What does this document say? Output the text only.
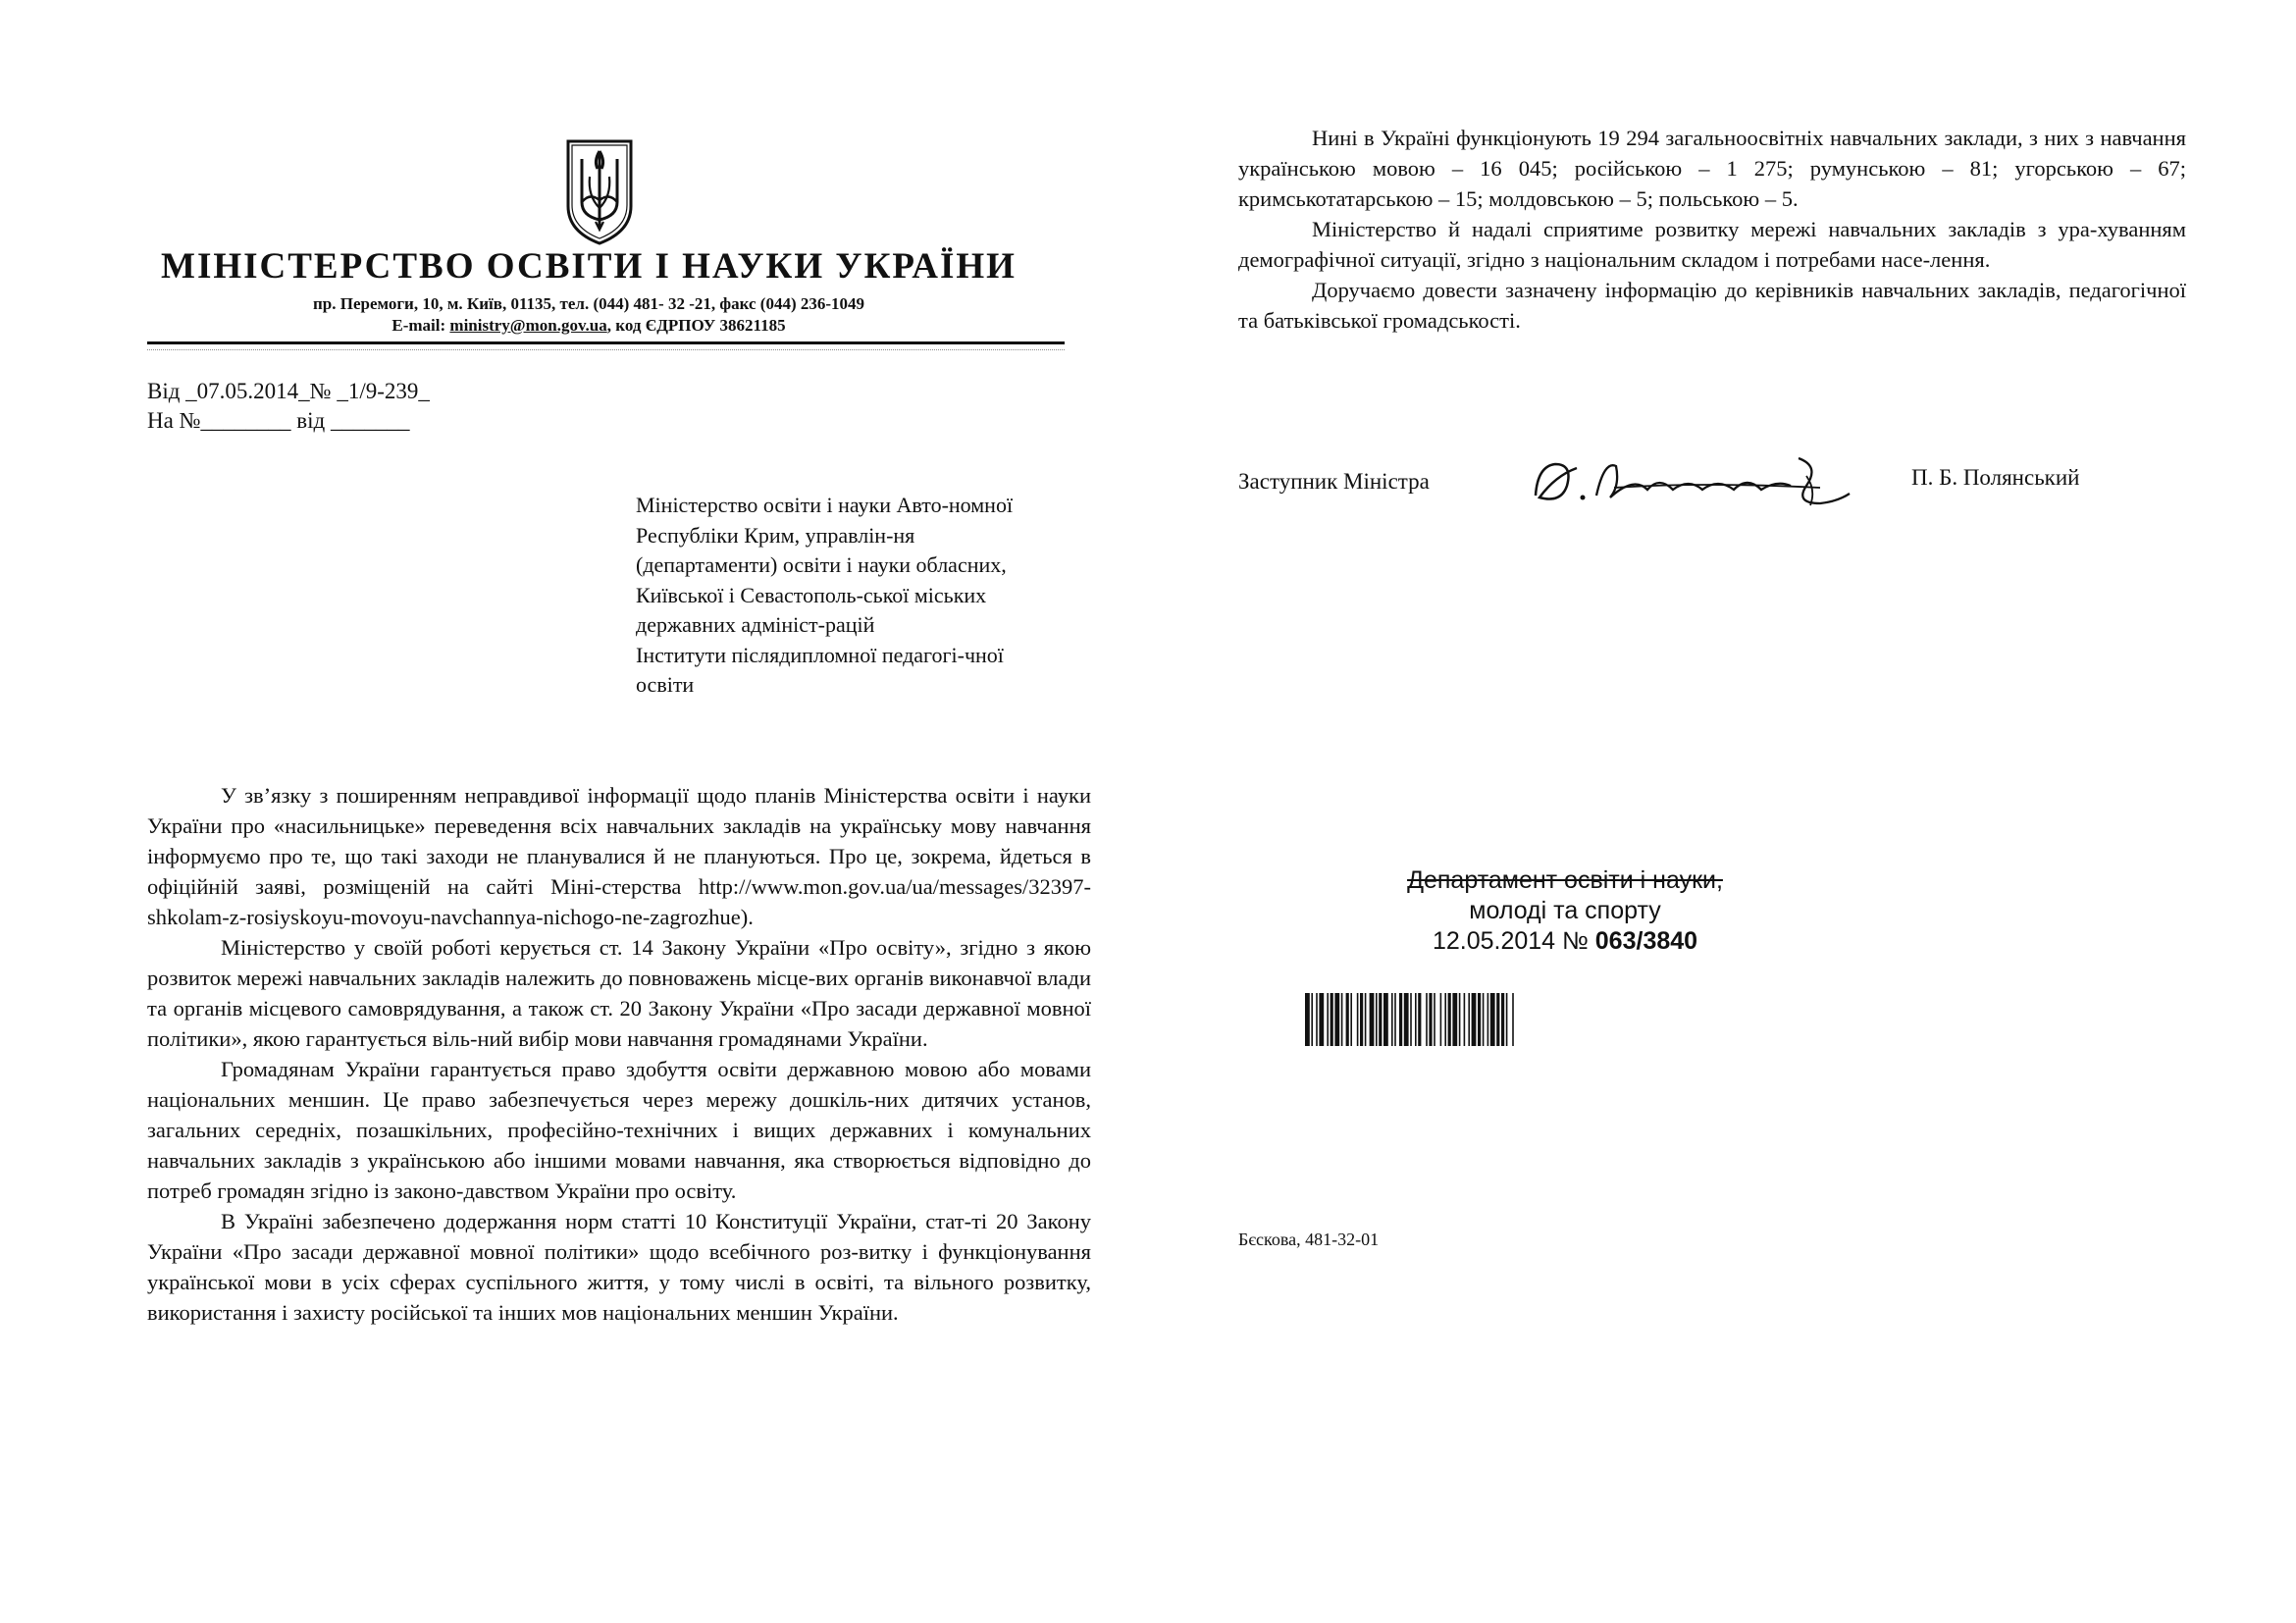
МІНІСТЕРСТВО ОСВІТИ І НАУКИ УКРАЇНИ
пр. Перемоги, 10, м. Київ, 01135, тел. (044) 481- 32 -21, факс (044) 236-1049
E-mail: ministry@mon.gov.ua, код ЄДРПОУ 38621185
Від _07.05.2014_№ _1/9-239_
На №________ від _______

Міністерство освіти і науки Авто-номної Республіки Крим, управлін-ня (департаменти) освіти і науки обласних, Київської і Севастополь-ської міських державних адмініст-рацій

Інститути післядипломної педагогі-чної освіти

У зв’язку з поширенням неправдивої інформації щодо планів Міністерства освіти і науки України про «насильницьке» переведення всіх навчальних закладів на українську мову навчання інформуємо про те, що такі заходи не планувалися й не плануються. Про це, зокрема, йдеться в офіційній заяві, розміщеній на сайті Міні-стерства http://www.mon.gov.ua/ua/messages/32397-shkolam-z-rosiyskoyu-movoyu-navchannya-nichogo-ne-zagrozhue).

Міністерство у своїй роботі керується ст. 14 Закону України «Про освіту», згідно з якою розвиток мережі навчальних закладів належить до повноважень місце-вих органів виконавчої влади та органів місцевого самоврядування, а також ст. 20 Закону України «Про засади державної мовної політики», якою гарантується віль-ний вибір мови навчання громадянами України.

Громадянам України гарантується право здобуття освіти державною мовою або мовами національних меншин. Це право забезпечується через мережу дошкіль-них дитячих установ, загальних середніх, позашкільних, професійно-технічних і вищих державних і комунальних навчальних закладів з українською або іншими мовами навчання, яка створюється відповідно до потреб громадян згідно із законо-давством України про освіту.

В Україні забезпечено додержання норм статті 10 Конституції України, стат-ті 20 Закону України «Про засади державної мовної політики» щодо всебічного роз-витку і функціонування української мови в усіх сферах суспільного життя, у тому числі в освіті, та вільного розвитку, використання і захисту російської та інших мов національних меншин України.

Нині в Україні функціонують 19 294 загальноосвітніх навчальних заклади, з них з навчання українською мовою – 16 045; російською – 1 275; румунською – 81; угорською – 67; кримськотатарською – 15; молдовською – 5; польською – 5.

Міністерство й надалі сприятиме розвитку мережі навчальних закладів з ура-хуванням демографічної ситуації, згідно з національним складом і потребами насе-лення.

Доручаємо довести зазначену інформацію до керівників навчальних закладів, педагогічної та батьківської громадськості.

Заступник Міністра	П. Б. Полянський
Департамент освіти і науки,
молоді та спорту
12.05.2014 № 063/3840
Бєскова, 481-32-01
